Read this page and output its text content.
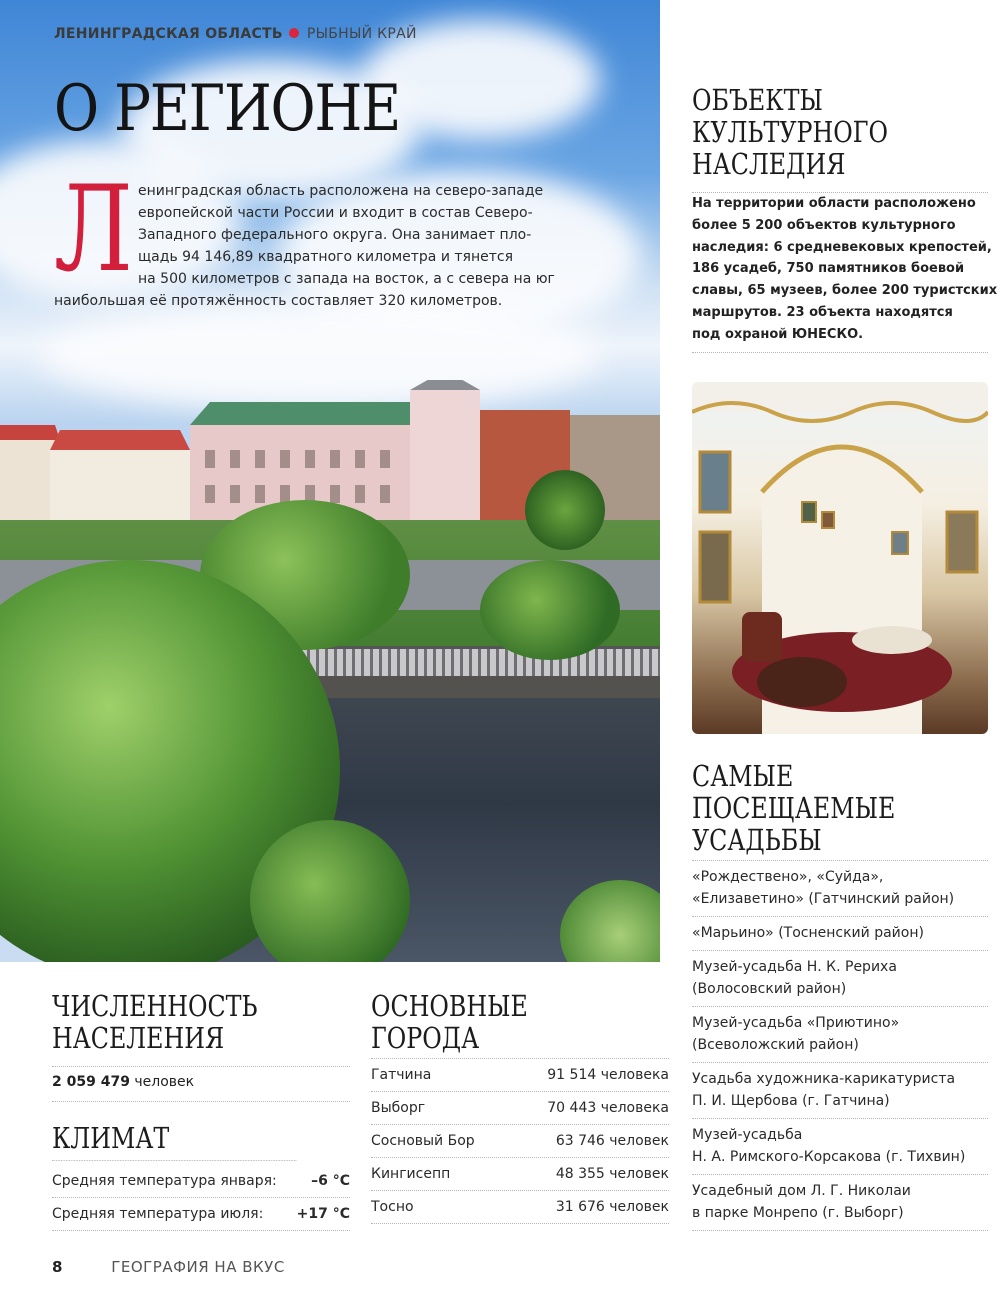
ЛЕНИНГРАДСКАЯ ОБЛАСТЬ РЫБНЫЙ КРАЙ
О РЕГИОНЕ
Л енинградская область расположена на северо-западе
европейской части России и входит в состав Северо-
Западного федерального округа. Она занимает пло-
щадь 94 146,89 квадратного километра и тянется
на 500 километров с запада на восток, а с севера на юг
наибольшая её протяжённость составляет 320 километров.
ОБЪЕКТЫ
КУЛЬТУРНОГО
НАСЛЕДИЯ
На территории области расположено
более 5 200 объектов культурного
наследия: 6 средневековых крепостей,
186 усадеб, 750 памятников боевой
славы, 65 музеев, более 200 туристских
маршрутов. 23 объекта находятся
под охраной ЮНЕСКО.
САМЫЕ
ПОСЕЩАЕМЫЕ
УСАДЬБЫ
«Рождествено», «Суйда»,
«Елизаветино» (Гатчинский район)
«Марьино» (Тосненский район)
Музей-усадьба Н. К. Рериха
(Волосовский район)
Музей-усадьба «Приютино»
(Всеволожский район)
Усадьба художника-карикатуриста
П. И. Щербова (г. Гатчина)
Музей-усадьба
Н. А. Римского-Корсакова (г. Тихвин)
Усадебный дом Л. Г. Николаи
в парке Монрепо (г. Выборг)
ЧИСЛЕННОСТЬ
НАСЕЛЕНИЯ
2 059 479 человек
КЛИМАТ
Средняя температура января: –6 °C
Средняя температура июля: +17 °C
ОСНОВНЫЕ
ГОРОДА
Гатчина	91 514 человека
Выборг	70 443 человека
Сосновый Бор	63 746 человек
Кингисепп	48 355 человек
Тосно	31 676 человек
8	ГЕОГРАФИЯ НА ВКУС
